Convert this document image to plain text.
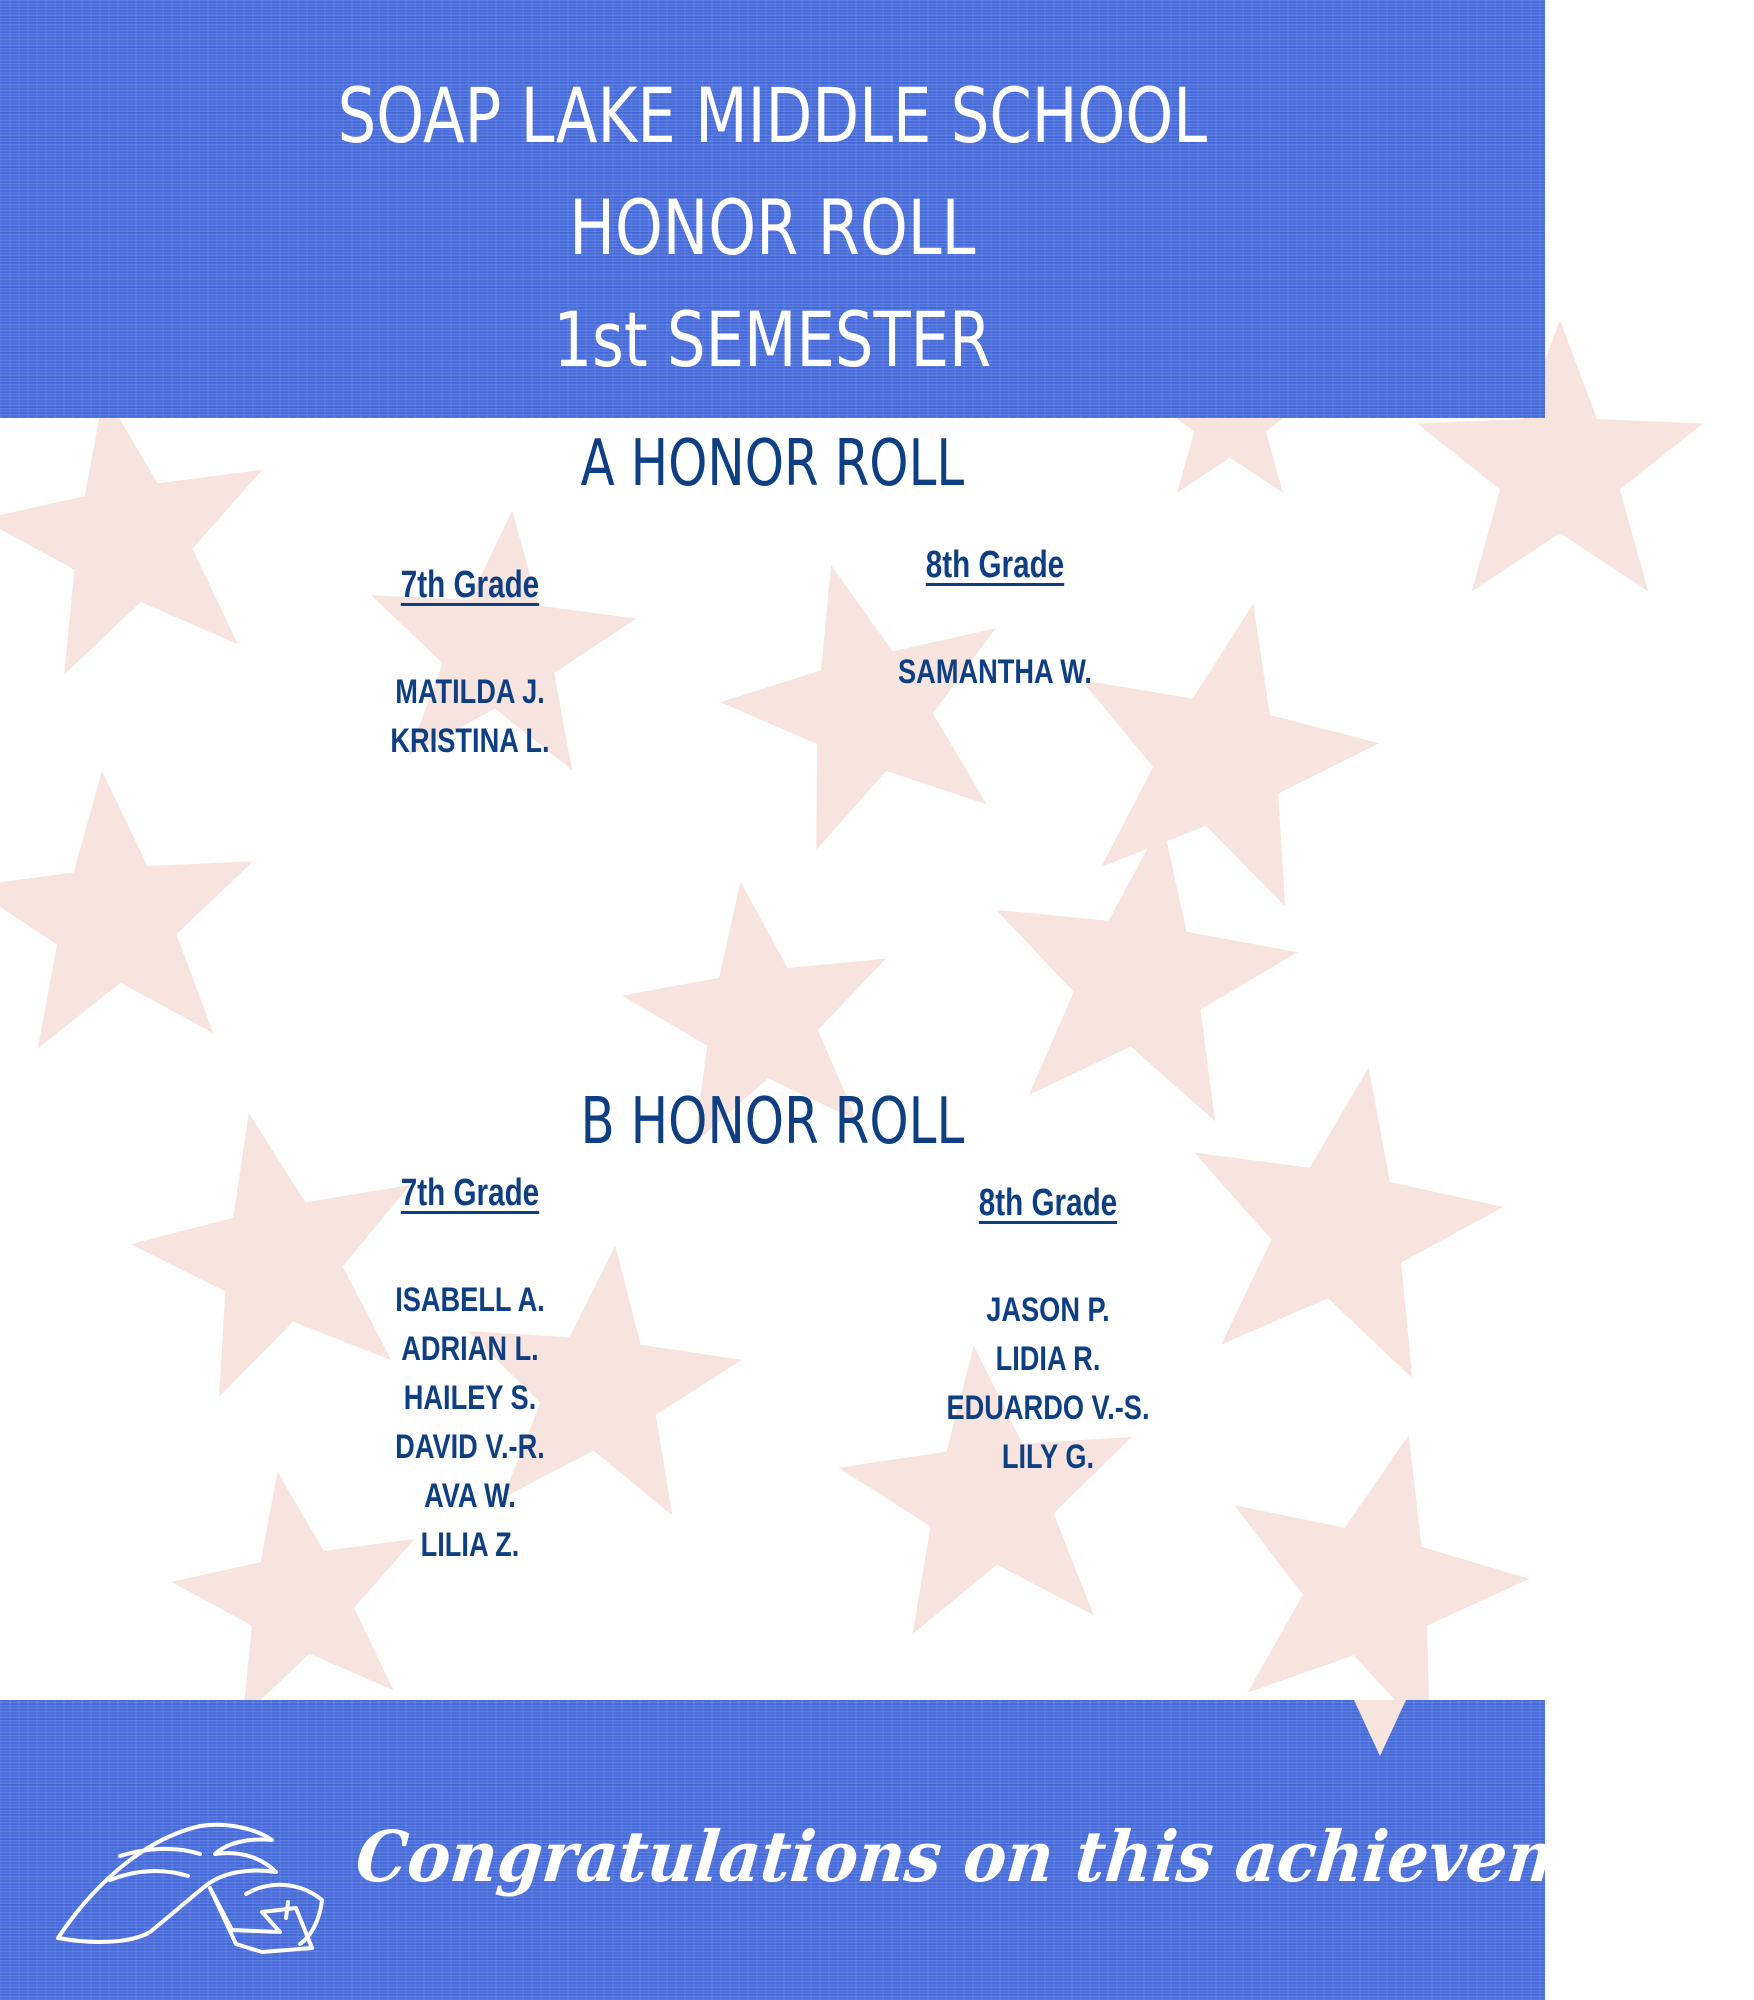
SOAP LAKE MIDDLE SCHOOL
HONOR ROLL
1st SEMESTER
A HONOR ROLL
7th Grade
MATILDA J.
KRISTINA L.
8th Grade
SAMANTHA W.
B HONOR ROLL
7th Grade
ISABELL A.
ADRIAN L.
HAILEY S.
DAVID V.-R.
AVA W.
LILIA Z.
8th Grade
JASON P.
LIDIA R.
EDUARDO V.-S.
LILY G.
Congratulations on this achievement!!
